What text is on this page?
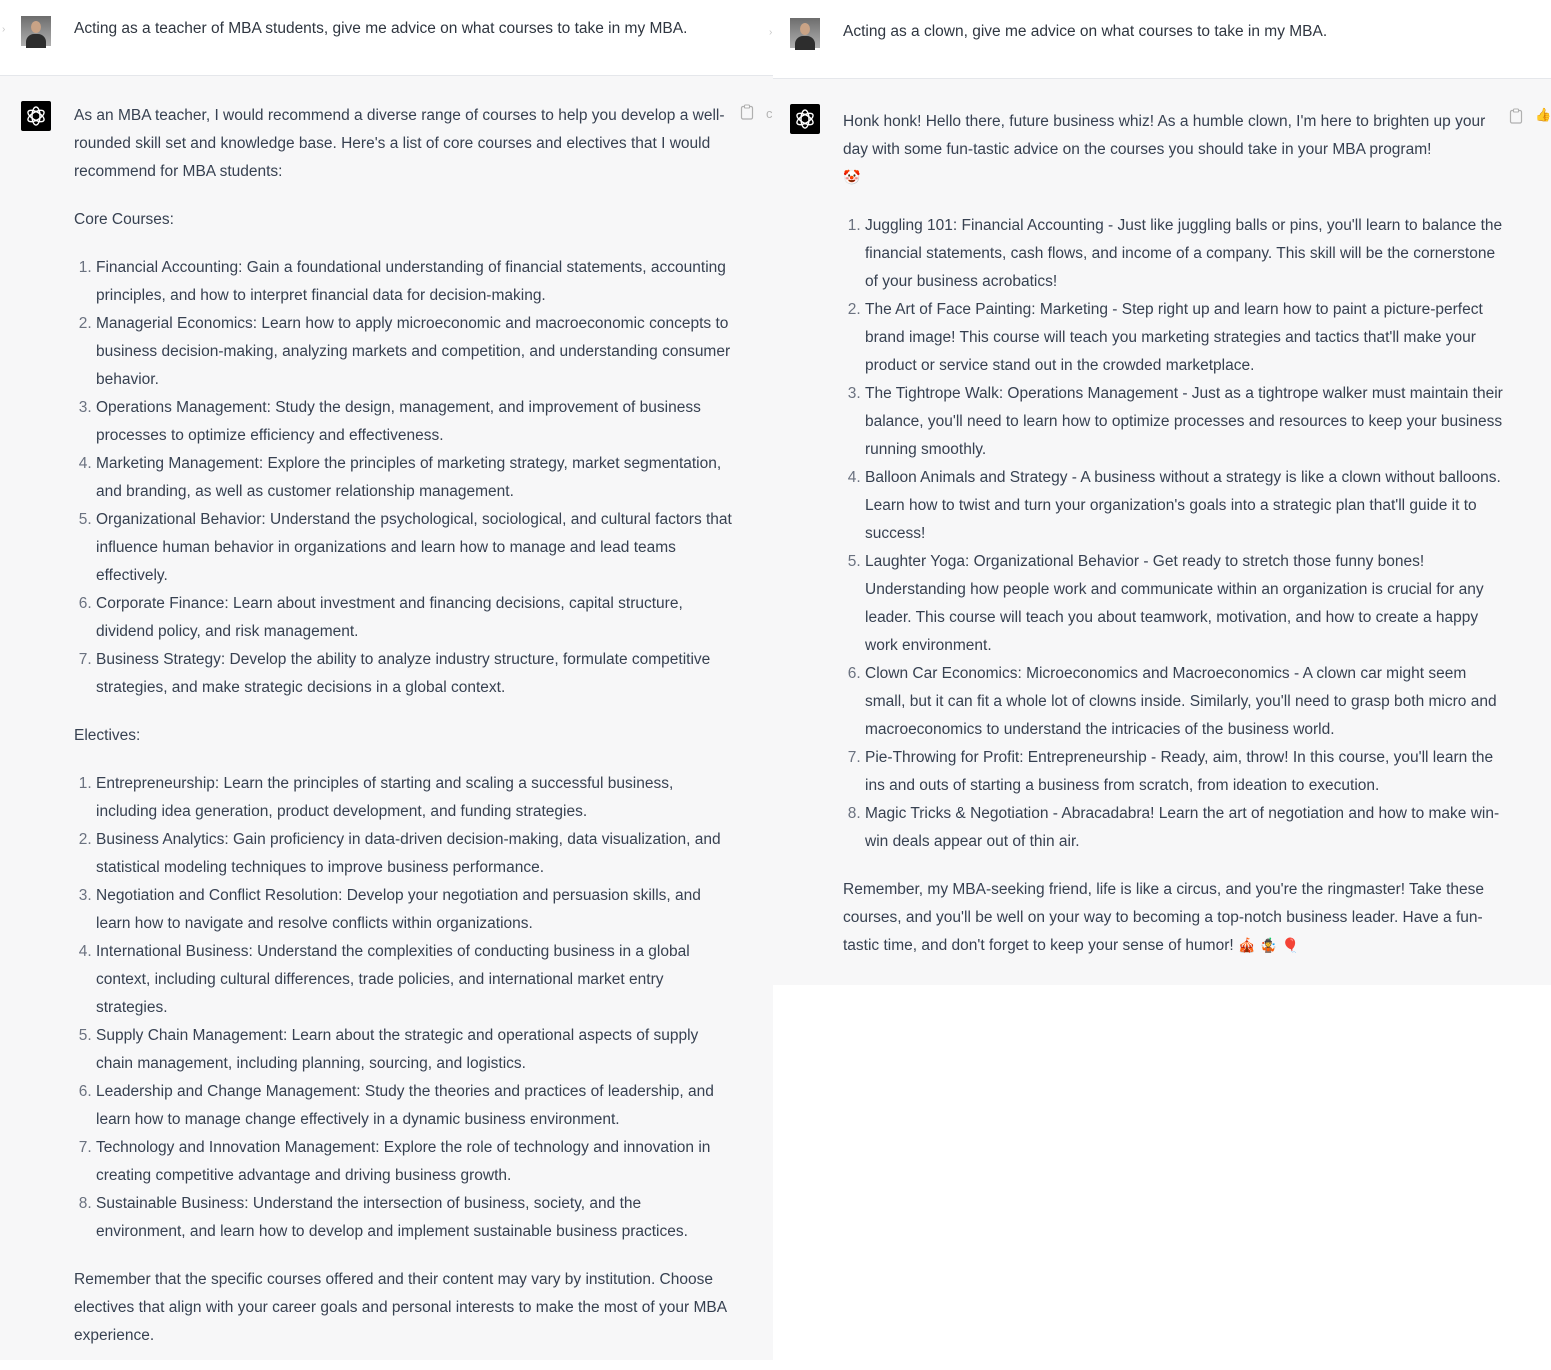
›	Acting as a teacher of MBA students, give me advice on what courses to take in my MBA.
c

As an MBA teacher, I would recommend a diverse range of courses to help you develop a well-rounded skill set and knowledge base. Here's a list of core courses and electives that I would recommend for MBA students:

Core Courses:

1. Financial Accounting: Gain a foundational understanding of financial statements, accounting principles, and how to interpret financial data for decision-making.
2. Managerial Economics: Learn how to apply microeconomic and macroeconomic concepts to business decision-making, analyzing markets and competition, and understanding consumer behavior.
3. Operations Management: Study the design, management, and improvement of business processes to optimize efficiency and effectiveness.
4. Marketing Management: Explore the principles of marketing strategy, market segmentation, and branding, as well as customer relationship management.
5. Organizational Behavior: Understand the psychological, sociological, and cultural factors that influence human behavior in organizations and learn how to manage and lead teams effectively.
6. Corporate Finance: Learn about investment and financing decisions, capital structure, dividend policy, and risk management.
7. Business Strategy: Develop the ability to analyze industry structure, formulate competitive strategies, and make strategic decisions in a global context.

Electives:

1. Entrepreneurship: Learn the principles of starting and scaling a successful business, including idea generation, product development, and funding strategies.
2. Business Analytics: Gain proficiency in data-driven decision-making, data visualization, and statistical modeling techniques to improve business performance.
3. Negotiation and Conflict Resolution: Develop your negotiation and persuasion skills, and learn how to navigate and resolve conflicts within organizations.
4. International Business: Understand the complexities of conducting business in a global context, including cultural differences, trade policies, and international market entry strategies.
5. Supply Chain Management: Learn about the strategic and operational aspects of supply chain management, including planning, sourcing, and logistics.
6. Leadership and Change Management: Study the theories and practices of leadership, and learn how to manage change effectively in a dynamic business environment.
7. Technology and Innovation Management: Explore the role of technology and innovation in creating competitive advantage and driving business growth.
8. Sustainable Business: Understand the intersection of business, society, and the environment, and learn how to develop and implement sustainable business practices.

Remember that the specific courses offered and their content may vary by institution. Choose electives that align with your career goals and personal interests to make the most of your MBA experience.

›	Acting as a clown, give me advice on what courses to take in my MBA.
👍

Honk honk! Hello there, future business whiz! As a humble clown, I'm here to brighten up your day with some fun-tastic advice on the courses you should take in your MBA program!
🤡

1. Juggling 101: Financial Accounting - Just like juggling balls or pins, you'll learn to balance the financial statements, cash flows, and income of a company. This skill will be the cornerstone of your business acrobatics!
2. The Art of Face Painting: Marketing - Step right up and learn how to paint a picture-perfect brand image! This course will teach you marketing strategies and tactics that'll make your product or service stand out in the crowded marketplace.
3. The Tightrope Walk: Operations Management - Just as a tightrope walker must maintain their balance, you'll need to learn how to optimize processes and resources to keep your business running smoothly.
4. Balloon Animals and Strategy - A business without a strategy is like a clown without balloons. Learn how to twist and turn your organization's goals into a strategic plan that'll guide it to success!
5. Laughter Yoga: Organizational Behavior - Get ready to stretch those funny bones! Understanding how people work and communicate within an organization is crucial for any leader. This course will teach you about teamwork, motivation, and how to create a happy work environment.
6. Clown Car Economics: Microeconomics and Macroeconomics - A clown car might seem small, but it can fit a whole lot of clowns inside. Similarly, you'll need to grasp both micro and macroeconomics to understand the intricacies of the business world.
7. Pie-Throwing for Profit: Entrepreneurship - Ready, aim, throw! In this course, you'll learn the ins and outs of starting a business from scratch, from ideation to execution.
8. Magic Tricks & Negotiation - Abracadabra! Learn the art of negotiation and how to make win-win deals appear out of thin air.

Remember, my MBA-seeking friend, life is like a circus, and you're the ringmaster! Take these courses, and you'll be well on your way to becoming a top-notch business leader. Have a fun-tastic time, and don't forget to keep your sense of humor! 🎪 🤹 🎈
